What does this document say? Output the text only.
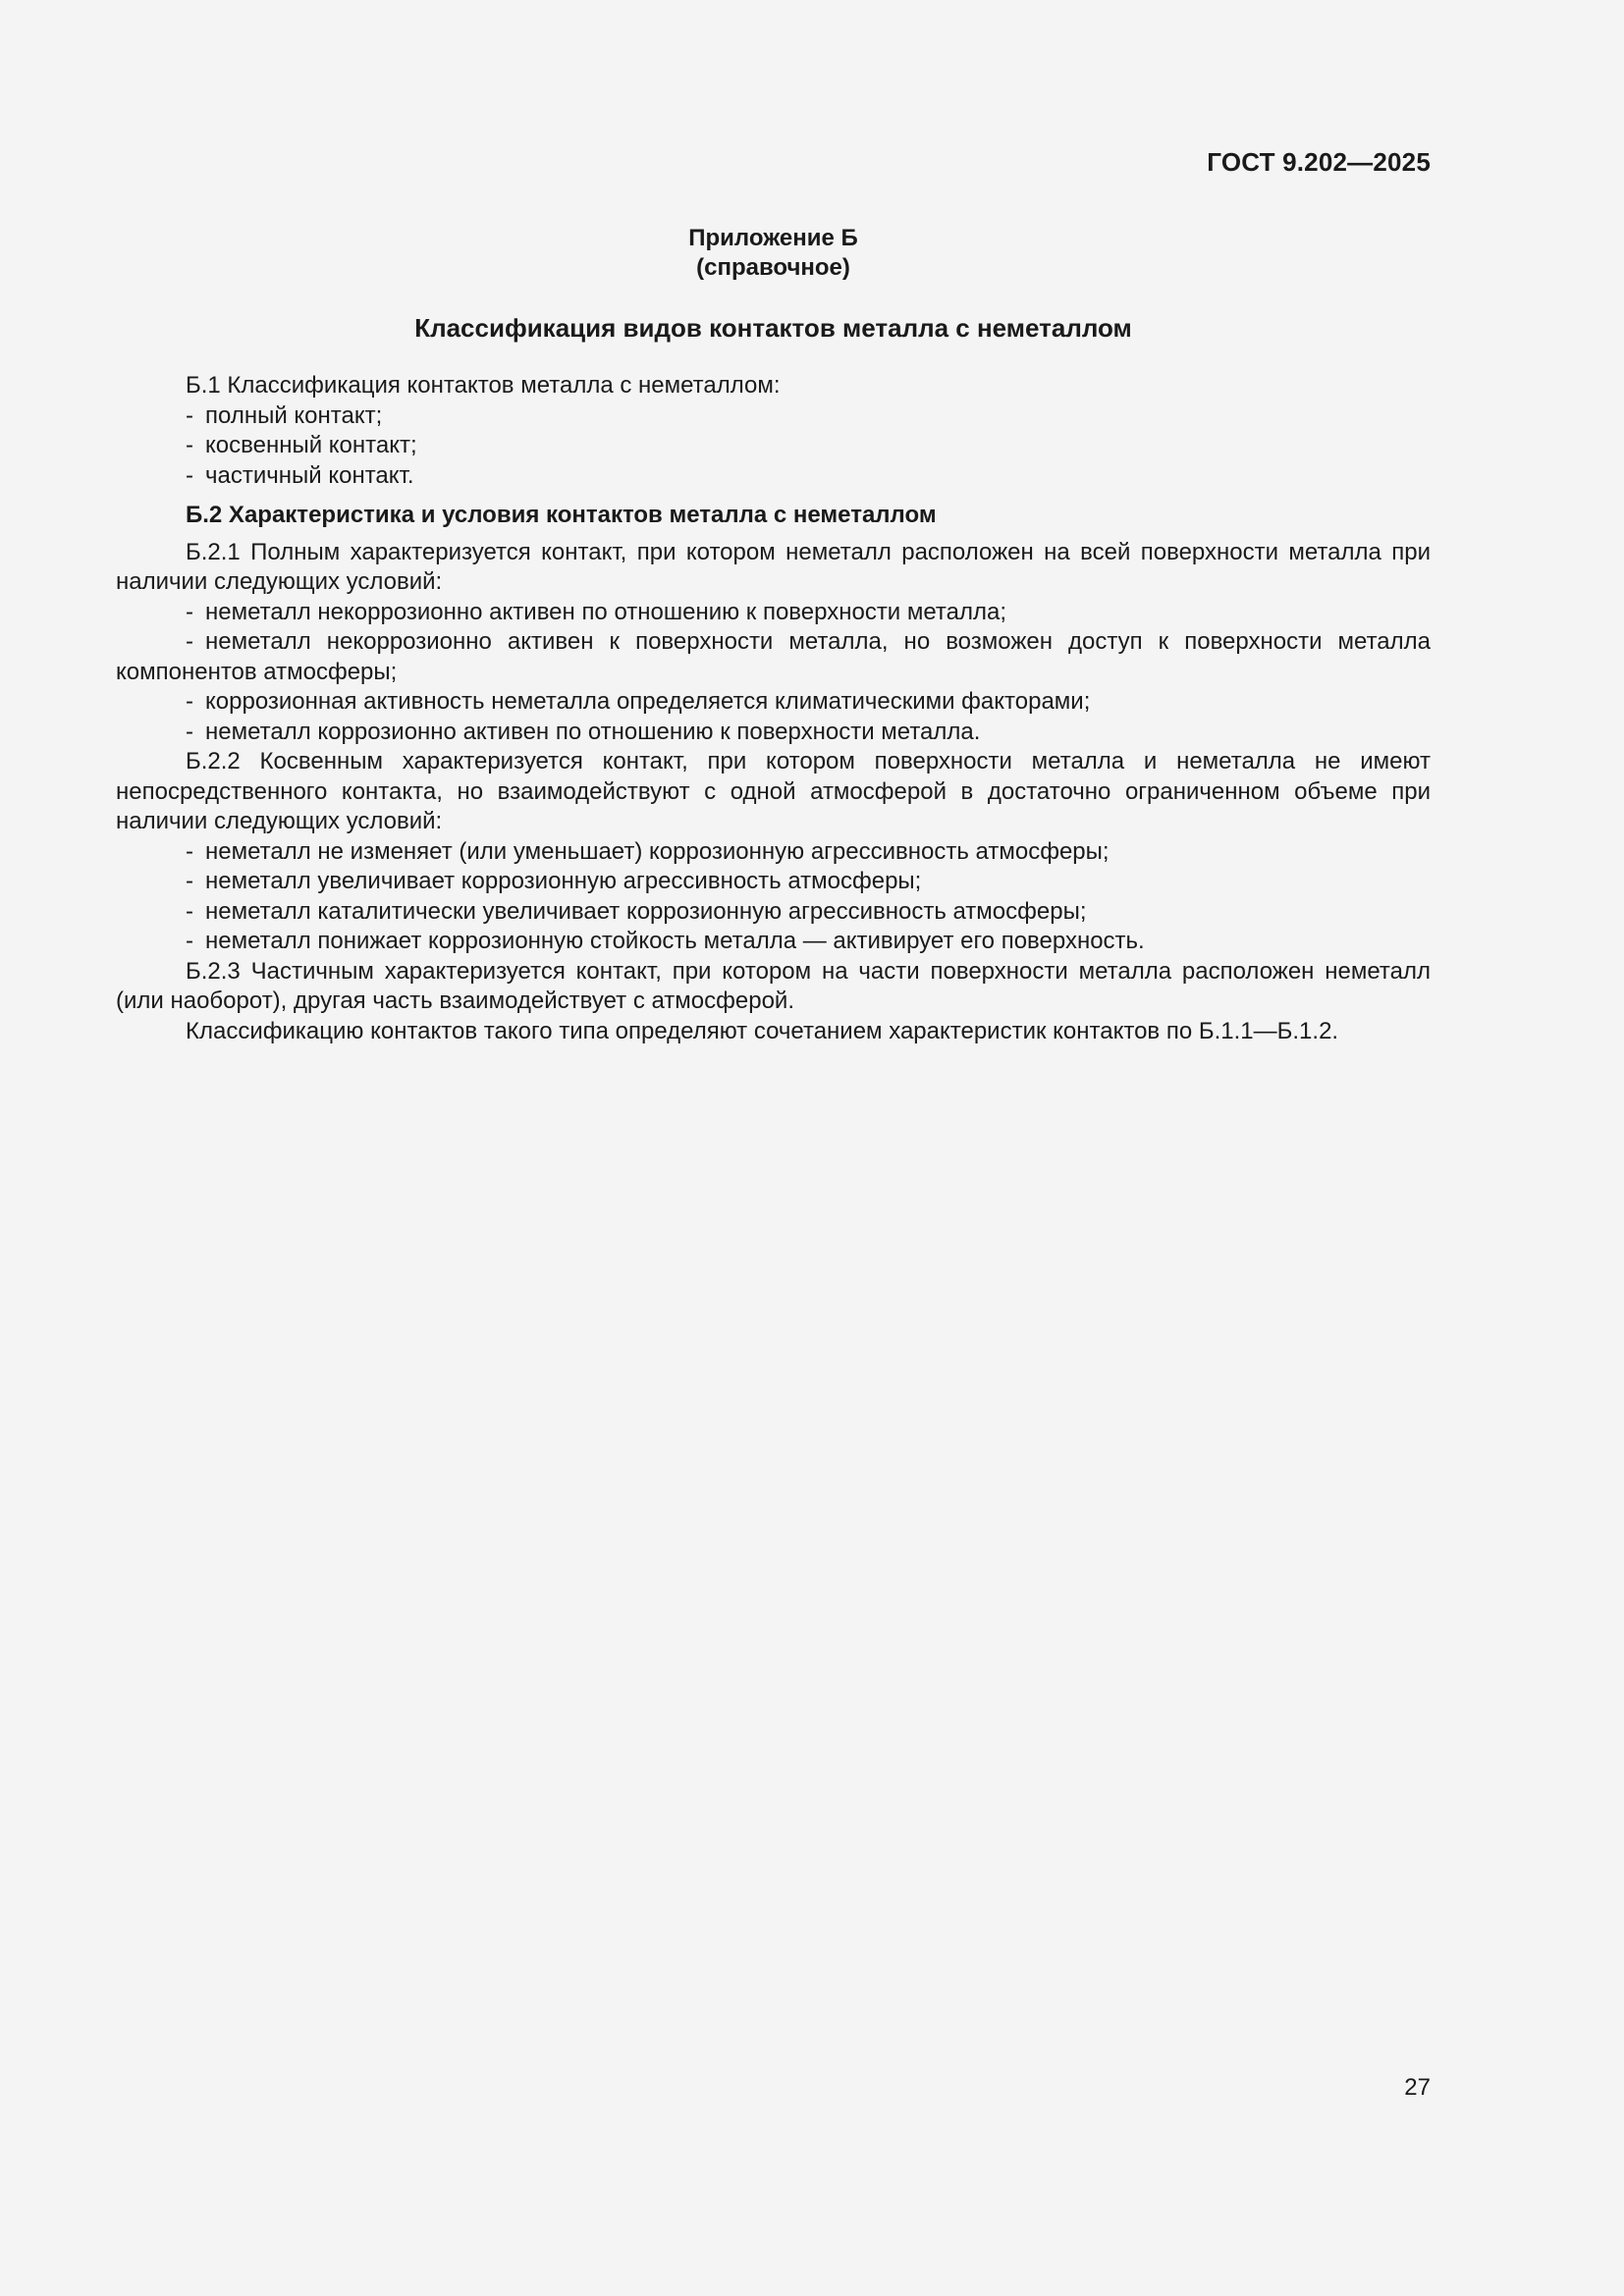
ГОСТ 9.202—2025
Приложение Б
(справочное)
Классификация видов контактов металла с неметаллом

Б.1 Классификация контактов металла с неметаллом:

- полный контакт;

- косвенный контакт;

- частичный контакт.

Б.2 Характеристика и условия контактов металла с неметаллом

Б.2.1 Полным характеризуется контакт, при котором неметалл расположен на всей поверхности металла при наличии следующих условий:

- неметалл некоррозионно активен по отношению к поверхности металла;

- неметалл некоррозионно активен к поверхности металла, но возможен доступ к поверхности металла компонентов атмосферы;

- коррозионная активность неметалла определяется климатическими факторами;

- неметалл коррозионно активен по отношению к поверхности металла.

Б.2.2 Косвенным характеризуется контакт, при котором поверхности металла и неметалла не имеют непосредственного контакта, но взаимодействуют с одной атмосферой в достаточно ограниченном объеме при наличии следующих условий:

- неметалл не изменяет (или уменьшает) коррозионную агрессивность атмосферы;

- неметалл увеличивает коррозионную агрессивность атмосферы;

- неметалл каталитически увеличивает коррозионную агрессивность атмосферы;

- неметалл понижает коррозионную стойкость металла — активирует его поверхность.

Б.2.3 Частичным характеризуется контакт, при котором на части поверхности металла расположен неметалл (или наоборот), другая часть взаимодействует с атмосферой.

Классификацию контактов такого типа определяют сочетанием характеристик контактов по Б.1.1—Б.1.2.

27
